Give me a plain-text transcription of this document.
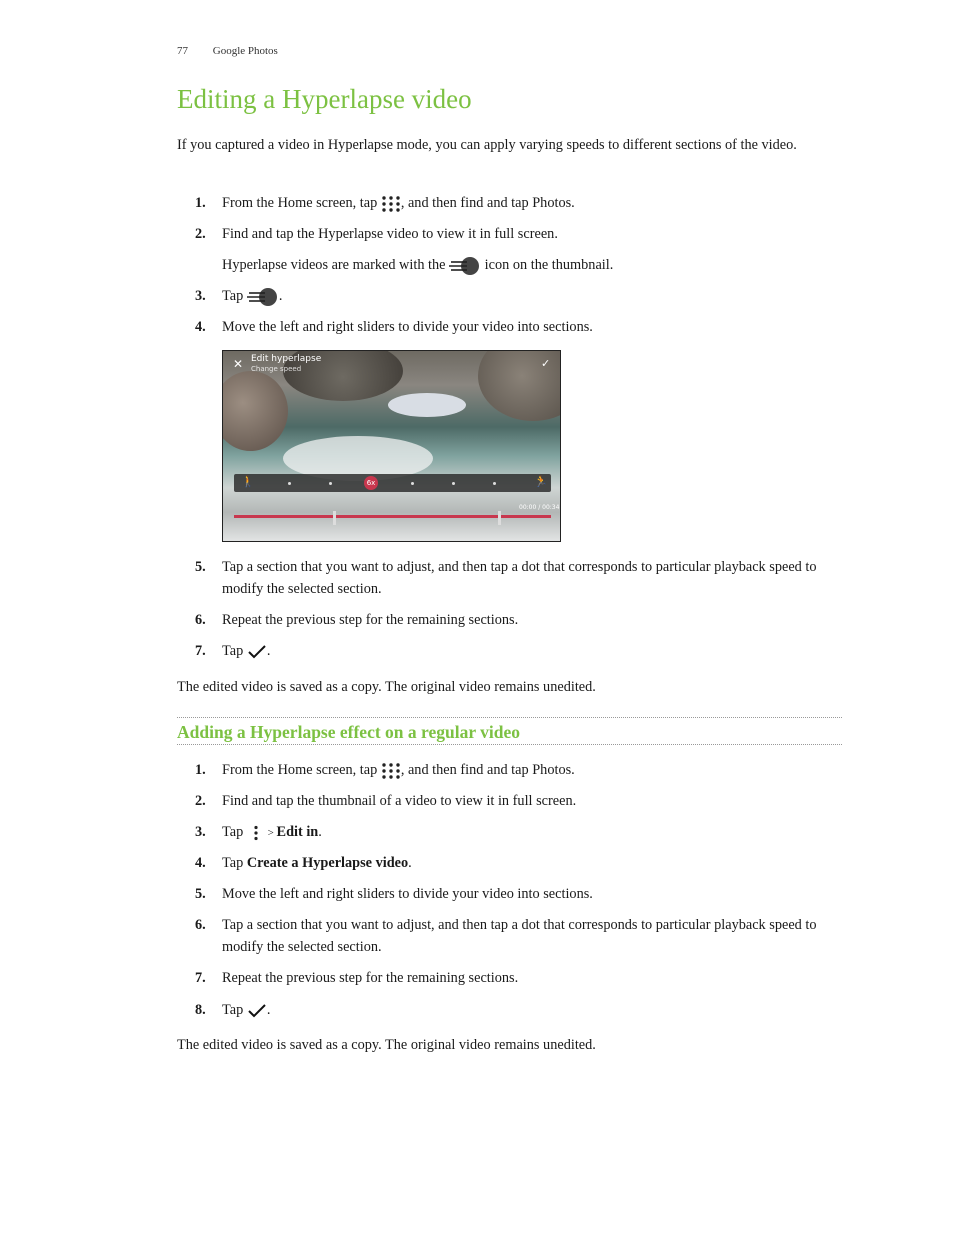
77 Google Photos
Editing a Hyperlapse video

If you captured a video in Hyperlapse mode, you can apply varying speeds to different sections of the video.

1.	From the Home screen, tap , and then find and tap Photos.
2.	Find and tap the Hyperlapse video to view it in full screen.
Hyperlapse videos are marked with the  icon on the thumbnail.
3.	Tap .
4.	Move the left and right sliders to divide your video into sections.
✕ Edit hyperlapse
Change speed	✓
🚶	6x	🏃
00:00 / 00:34
5.	Tap a section that you want to adjust, and then tap a dot that corresponds to particular playback speed to modify the selected section.
6.	Repeat the previous step for the remaining sections.
7.	Tap .

The edited video is saved as a copy. The original video remains unedited.

Adding a Hyperlapse effect on a regular video
1.	From the Home screen, tap , and then find and tap Photos.
2.	Find and tap the thumbnail of a video to view it in full screen.
3.	Tap  > Edit in.
4.	Tap Create a Hyperlapse video.
5.	Move the left and right sliders to divide your video into sections.
6.	Tap a section that you want to adjust, and then tap a dot that corresponds to particular playback speed to modify the selected section.
7.	Repeat the previous step for the remaining sections.
8.	Tap .

The edited video is saved as a copy. The original video remains unedited.
